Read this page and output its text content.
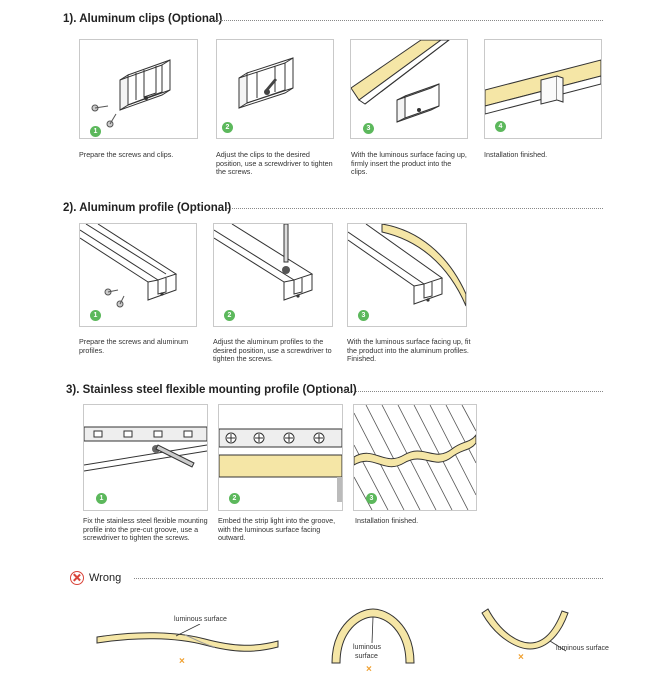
1). Aluminum clips (Optional)
1
Prepare the screws and clips.
2
Adjust the clips to the desired position, use a screwdriver to tighten the screws.
3
With the luminous surface facing up, firmly insert the product into the clips.
4
Installation finished.
2). Aluminum profile (Optional)
1
Prepare the screws and aluminum profiles.
2
Adjust the aluminum profiles to the desired position, use a screwdriver to tighten the screws.
3
With the luminous surface facing up, fit the product into the aluminum profiles. Finished.
3). Stainless steel flexible mounting profile (Optional)
1
Fix the stainless steel flexible mounting profile into the pre-cut groove, use a screwdriver to tighten the screws.
2
Embed the strip light into the groove, with the luminous surface facing outward.
3
Installation finished.
Wrong
luminous surface
×
luminous
surface
×
luminous surface
×
